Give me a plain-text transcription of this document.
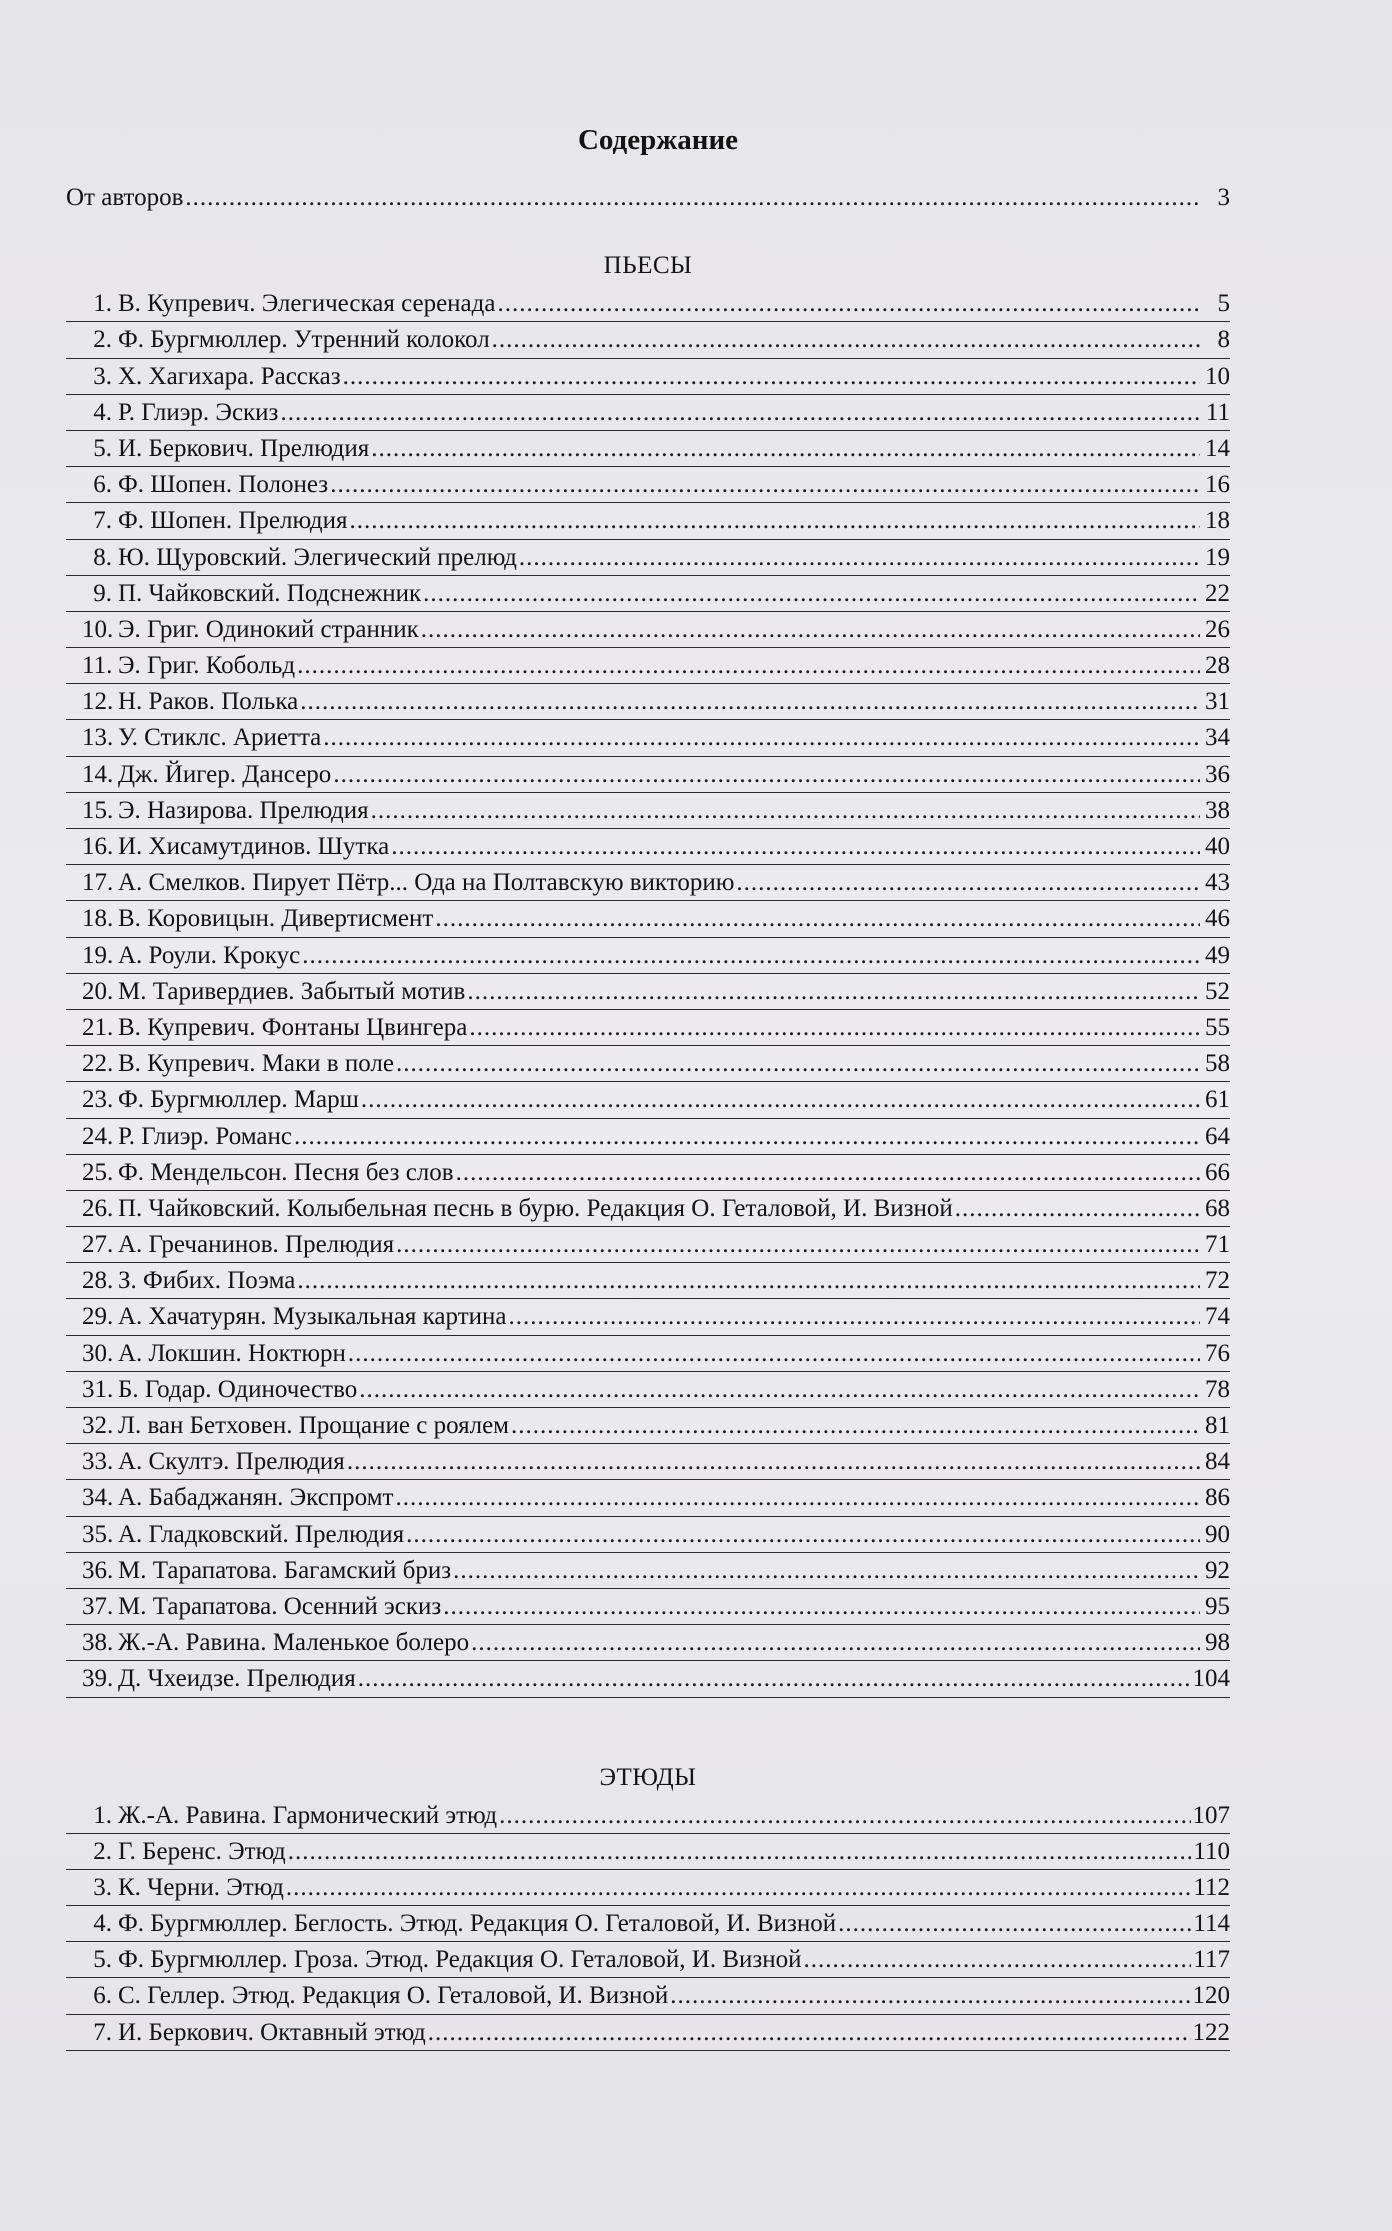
Содержание
От авторов .....	3
ПЬЕСЫ
1. В. Купревич. Элегическая серенада .....	5
2. Ф. Бургмюллер. Утренний колокол .....	8
3. Х. Хагихара. Рассказ .....	10
4. Р. Глиэр. Эскиз .....	11
5. И. Беркович. Прелюдия .....	14
6. Ф. Шопен. Полонез .....	16
7. Ф. Шопен. Прелюдия .....	18
8. Ю. Щуровский. Элегический прелюд .....	19
9. П. Чайковский. Подснежник .....	22
10. Э. Григ. Одинокий странник .....	26
11. Э. Григ. Кобольд .....	28
12. Н. Раков. Полька .....	31
13. У. Стиклс. Ариетта .....	34
14. Дж. Йигер. Дансеро .....	36
15. Э. Назирова. Прелюдия .....	38
16. И. Хисамутдинов. Шутка .....	40
17. А. Смелков. Пирует Пётр... Ода на Полтавскую викторию .....	43
18. В. Коровицын. Дивертисмент .....	46
19. А. Роули. Крокус .....	49
20. М. Таривердиев. Забытый мотив .....	52
21. В. Купревич. Фонтаны Цвингера .....	55
22. В. Купревич. Маки в поле .....	58
23. Ф. Бургмюллер. Марш .....	61
24. Р. Глиэр. Романс .....	64
25. Ф. Мендельсон. Песня без слов .....	66
26. П. Чайковский. Колыбельная песнь в бурю. Редакция О. Геталовой, И. Визной .....	68
27. А. Гречанинов. Прелюдия .....	71
28. З. Фибих. Поэма .....	72
29. А. Хачатурян. Музыкальная картина .....	74
30. А. Локшин. Ноктюрн .....	76
31. Б. Годар. Одиночество .....	78
32. Л. ван Бетховен. Прощание с роялем .....	81
33. А. Скултэ. Прелюдия .....	84
34. А. Бабаджанян. Экспромт .....	86
35. А. Гладковский. Прелюдия .....	90
36. М. Тарапатова. Багамский бриз .....	92
37. М. Тарапатова. Осенний эскиз .....	95
38. Ж.-А. Равина. Маленькое болеро .....	98
39. Д. Чхеидзе. Прелюдия .....	104
ЭТЮДЫ
1. Ж.-А. Равина. Гармонический этюд .....	107
2. Г. Беренс. Этюд .....	110
3. К. Черни. Этюд .....	112
4. Ф. Бургмюллер. Беглость. Этюд. Редакция О. Геталовой, И. Визной .....	114
5. Ф. Бургмюллер. Гроза. Этюд. Редакция О. Геталовой, И. Визной .....	117
6. С. Геллер. Этюд. Редакция О. Геталовой, И. Визной .....	120
7. И. Беркович. Октавный этюд .....	122
